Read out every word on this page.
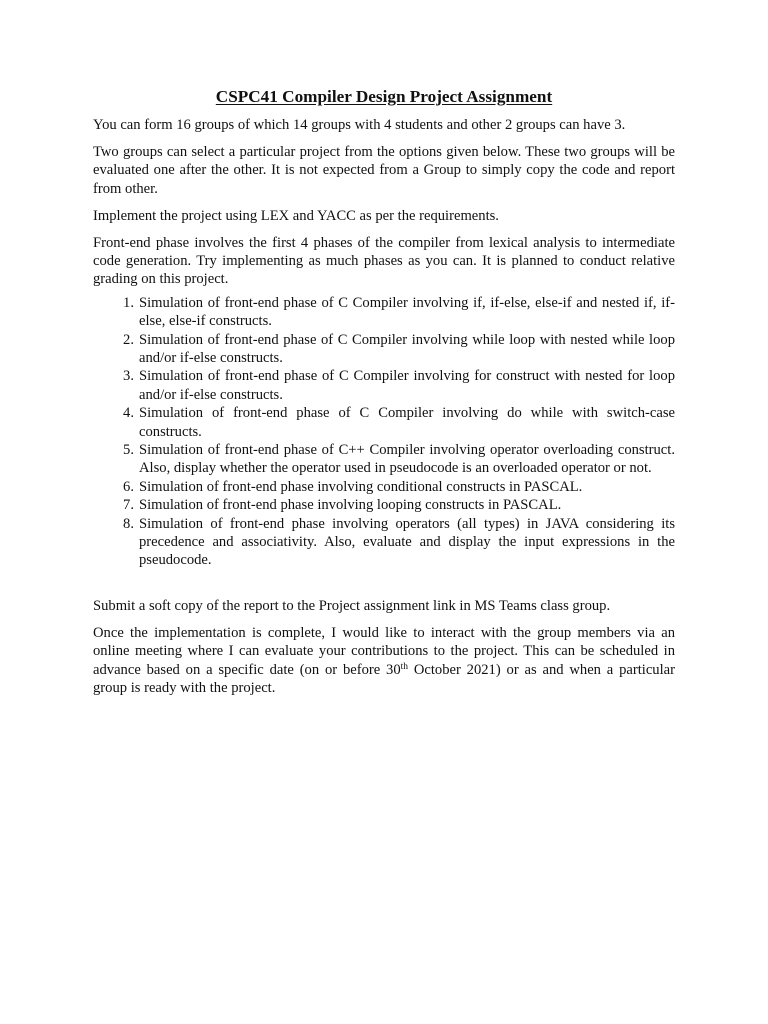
CSPC41 Compiler Design Project Assignment

You can form 16 groups of which 14 groups with 4 students and other 2 groups can have 3.

Two groups can select a particular project from the options given below. These two groups will be evaluated one after the other. It is not expected from a Group to simply copy the code and report from other.

Implement the project using LEX and YACC as per the requirements.

Front-end phase involves the first 4 phases of the compiler from lexical analysis to intermediate code generation. Try implementing as much phases as you can. It is planned to conduct relative grading on this project.

1. Simulation of front-end phase of C Compiler involving if, if-else, else-if and nested if, if-else, else-if constructs.
2. Simulation of front-end phase of C Compiler involving while loop with nested while loop and/or if-else constructs.
3. Simulation of front-end phase of C Compiler involving for construct with nested for loop and/or if-else constructs.
4. Simulation of front-end phase of C Compiler involving do while with switch-case constructs.
5. Simulation of front-end phase of C++ Compiler involving operator overloading construct. Also, display whether the operator used in pseudocode is an overloaded operator or not.
6. Simulation of front-end phase involving conditional constructs in PASCAL.
7. Simulation of front-end phase involving looping constructs in PASCAL.
8. Simulation of front-end phase involving operators (all types) in JAVA considering its precedence and associativity. Also, evaluate and display the input expressions in the pseudocode.

Submit a soft copy of the report to the Project assignment link in MS Teams class group.

Once the implementation is complete, I would like to interact with the group members via an online meeting where I can evaluate your contributions to the project. This can be scheduled in advance based on a specific date (on or before 30th October 2021) or as and when a particular group is ready with the project.
